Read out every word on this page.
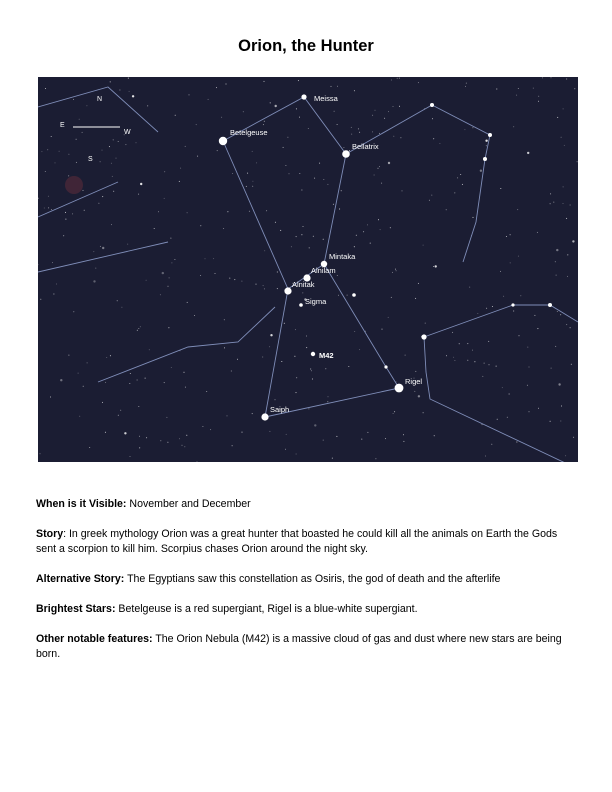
Orion, the Hunter
N
E
W
S
Meissa
Betelgeuse
Bellatrix
Mintaka
Alnilam
Alnitak
Sigma
M42
Rigel
Saiph

When is it Visible: November and December

Story: In greek mythology Orion was a great hunter that boasted he could kill all the animals on Earth the Gods sent a scorpion to kill him. Scorpius chases Orion around the night sky.

Alternative Story: The Egyptians saw this constellation as Osiris, the god of death and the afterlife

Brightest Stars: Betelgeuse is a red supergiant, Rigel is a blue-white supergiant.

Other notable features: The Orion Nebula (M42) is a massive cloud of gas and dust where new stars are being born.
